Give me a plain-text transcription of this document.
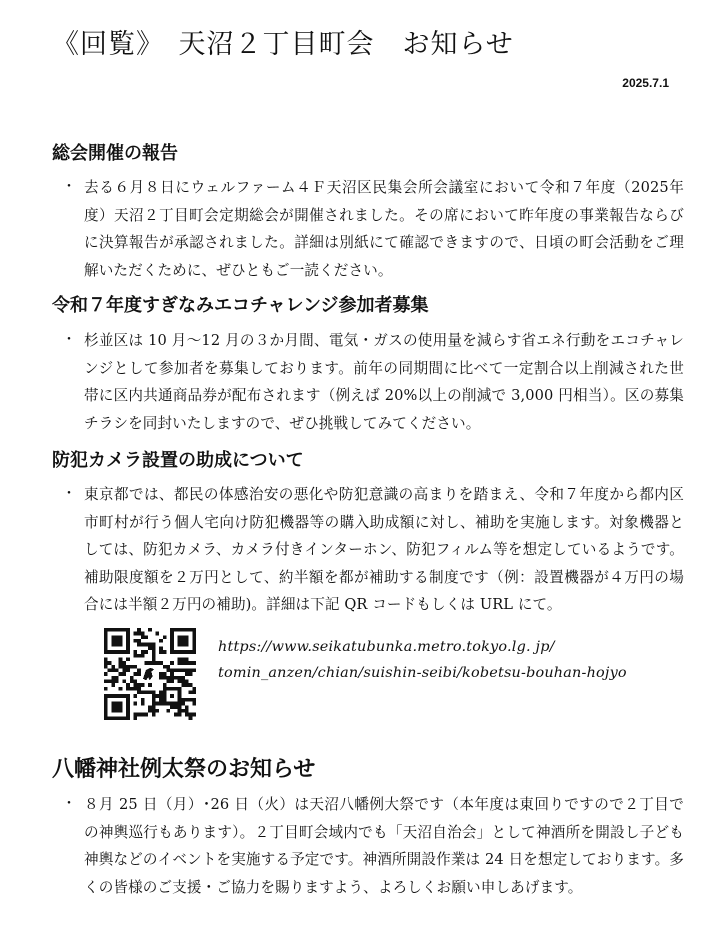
《回覧》　天沼２丁目町会　お知らせ
2025.7.1
総会開催の報告
・ 去る６月８日にウェルファーム４Ｆ天沼区民集会所会議室において令和７年度（2025年度）天沼２丁目町会定期総会が開催されました。その席において昨年度の事業報告ならびに決算報告が承認されました。詳細は別紙にて確認できますので、日頃の町会活動をご理解いただくために、ぜひともご一読ください。

令和７年度すぎなみエコチャレンジ参加者募集
・ 杉並区は 10 月～12 月の３か月間、電気・ガスの使用量を減らす省エネ行動をエコチャレンジとして参加者を募集しております。前年の同期間に比べて一定割合以上削減された世帯に区内共通商品券が配布されます（例えば 20%以上の削減で 3,000 円相当）。区の募集チラシを同封いたしますので、ぜひ挑戦してみてください。

防犯カメラ設置の助成について
・ 東京都では、都民の体感治安の悪化や防犯意識の高まりを踏まえ、令和７年度から都内区市町村が行う個人宅向け防犯機器等の購入助成額に対し、補助を実施します。対象機器としては、防犯カメラ、カメラ付きインターホン、防犯フィルム等を想定しているようです。補助限度額を２万円として、約半額を都が補助する制度です（例：設置機器が４万円の場合には半額２万円の補助)。詳細は下記 QR コードもしくは URL にて。

https://www.seikatubunka.metro.tokyo.lg. jp/
tomin_anzen/chian/suishin-seibi/kobetsu-bouhan-hojyo
八幡神社例太祭のお知らせ
・ ８月 25 日（月）･26 日（火）は天沼八幡例大祭です（本年度は東回りですので２丁目での神輿巡行もあります）。２丁目町会域内でも「天沼自治会」として神酒所を開設し子ども神輿などのイベントを実施する予定です。神酒所開設作業は 24 日を想定しております。多くの皆様のご支援・ご協力を賜りますよう、よろしくお願い申しあげます。
